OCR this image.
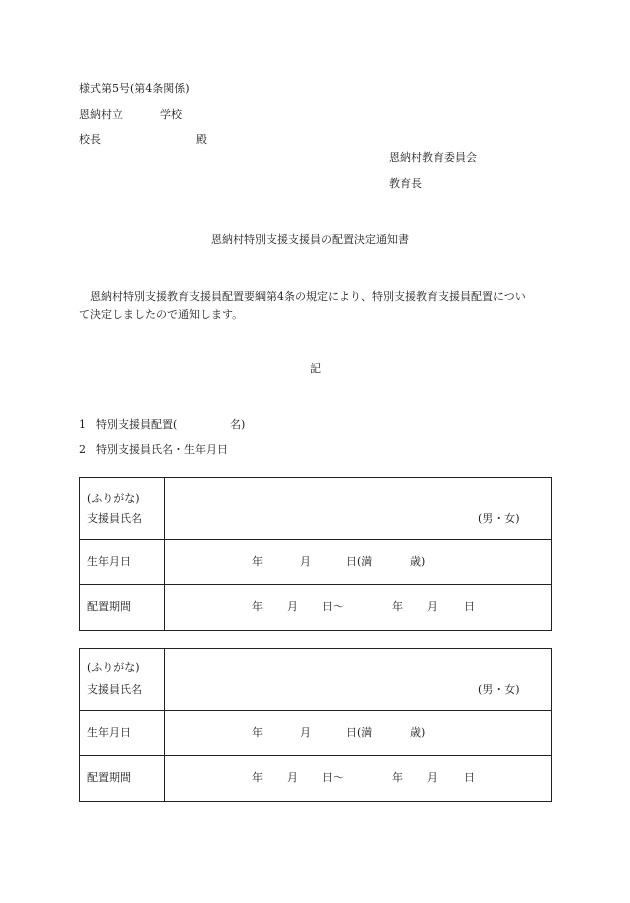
様式第5号(第4条関係)
恩納村立	学校
校長	殿
恩納村教育委員会
教育長
恩納村特別支援支援員の配置決定通知書
恩納村特別支援教育支援員配置要綱第4条の規定により、特別支援教育支援員配置につい
て決定しましたので通知します。
記
1 特別支援員配置(	名)
2 特別支援員氏名・生年月日
(ふりがな)
支援員氏名	(男・女)
生年月日	年	月	日(満	歳)
配置期間	年 月 日～	年 月 日
(ふりがな)
支援員氏名	(男・女)
生年月日	年	月	日(満	歳)
配置期間	年 月 日～	年 月 日
